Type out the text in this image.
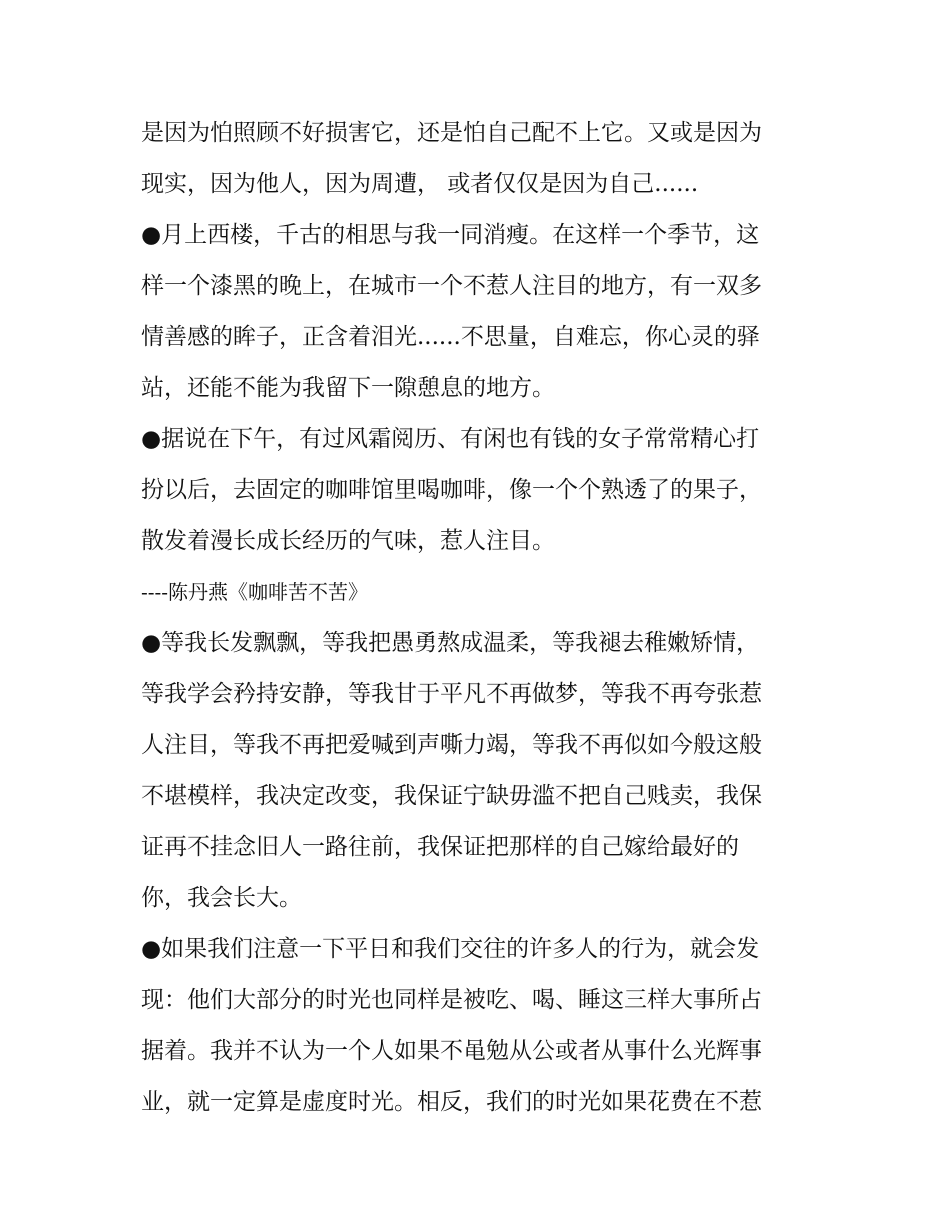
是因为怕照顾不好损害它，还是怕自己配不上它。又或是因为
现实，因为他人，因为周遭， 或者仅仅是因为自己......
●月上西楼，千古的相思与我一同消瘦。在这样一个季节，这
样一个漆黑的晚上，在城市一个不惹人注目的地方，有一双多
情善感的眸子，正含着泪光......不思量，自难忘，你心灵的驿
站，还能不能为我留下一隙憩息的地方。
●据说在下午，有过风霜阅历、有闲也有钱的女子常常精心打
扮以后，去固定的咖啡馆里喝咖啡，像一个个熟透了的果子，
散发着漫长成长经历的气味，惹人注目。
----陈丹燕《咖啡苦不苦》
●等我长发飘飘，等我把愚勇熬成温柔，等我褪去稚嫩矫情，
等我学会矜持安静，等我甘于平凡不再做梦，等我不再夸张惹
人注目，等我不再把爱喊到声嘶力竭，等我不再似如今般这般
不堪模样，我决定改变，我保证宁缺毋滥不把自己贱卖，我保
证再不挂念旧人一路往前，我保证把那样的自己嫁给最好的
你，我会长大。
●如果我们注意一下平日和我们交往的许多人的行为，就会发
现：他们大部分的时光也同样是被吃、喝、睡这三样大事所占
据着。我并不认为一个人如果不黾勉从公或者从事什么光辉事
业，就一定算是虚度时光。相反，我们的时光如果花费在不惹
